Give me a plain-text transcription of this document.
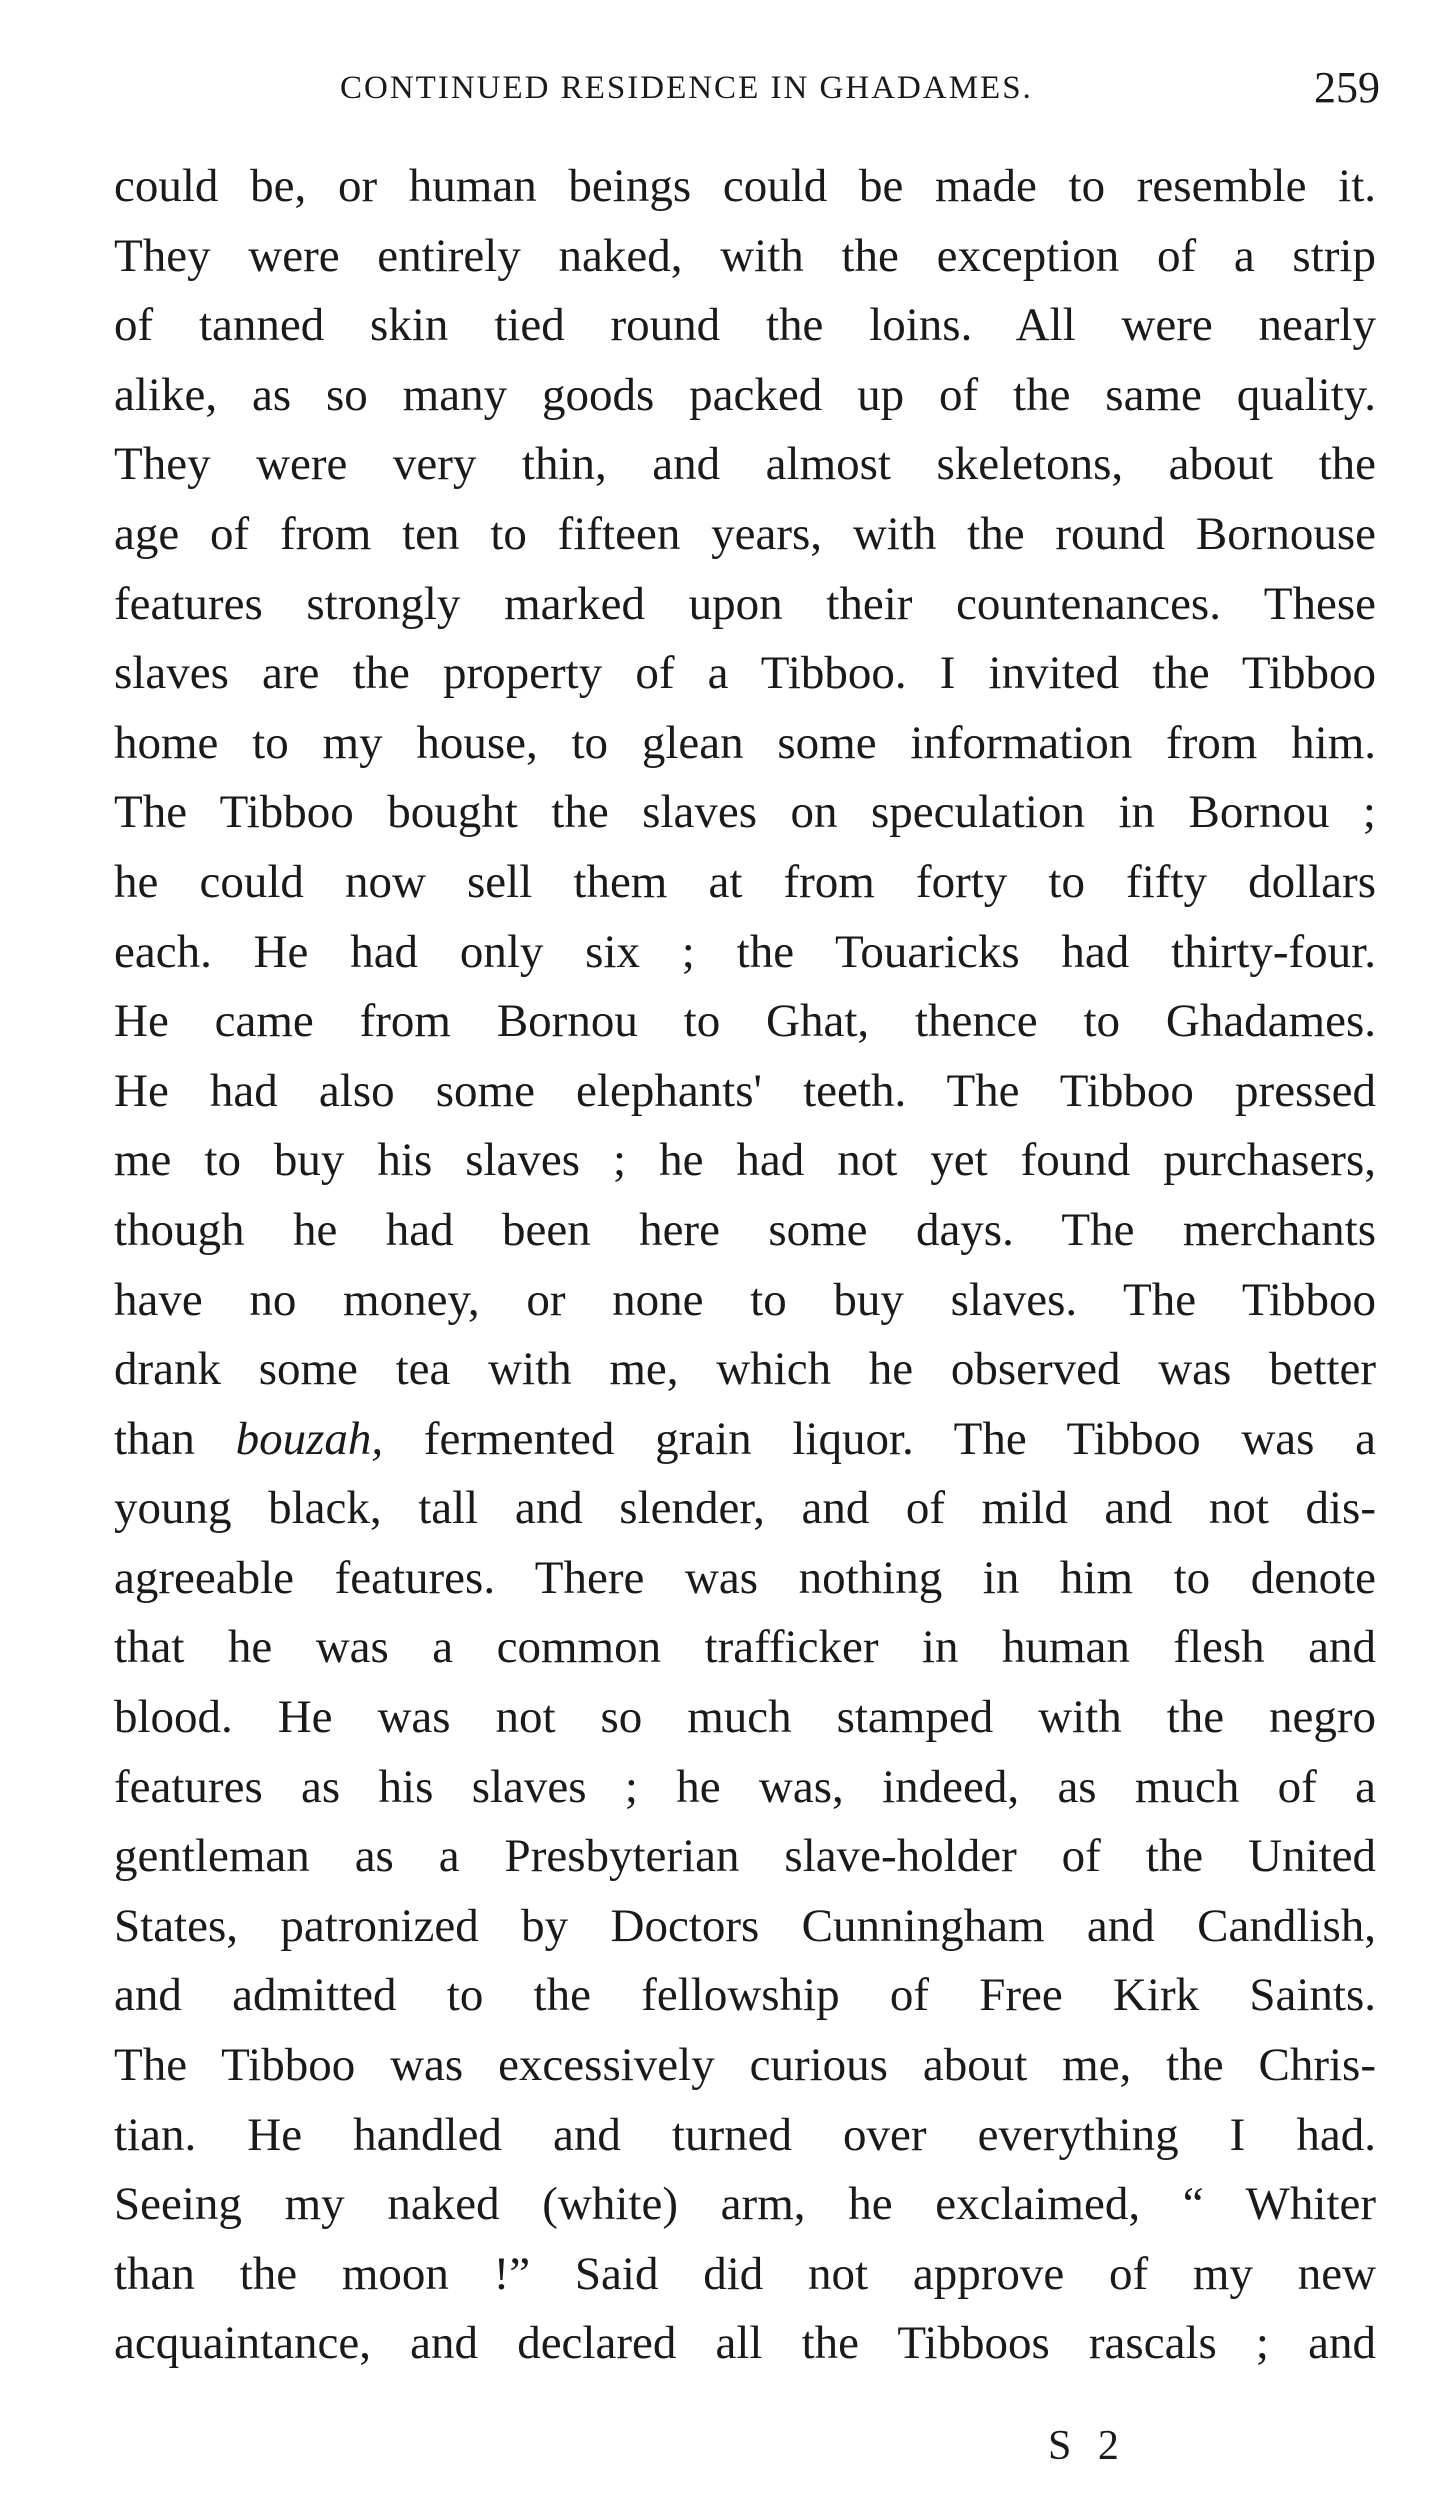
CONTINUED RESIDENCE IN GHADAMES.	259
could be, or human beings could be made to resemble it.
They were entirely naked, with the exception of a strip
of tanned skin tied round the loins. All were nearly
alike, as so many goods packed up of the same quality.
They were very thin, and almost skeletons, about the
age of from ten to fifteen years, with the round Bornouse
features strongly marked upon their countenances. These
slaves are the property of a Tibboo. I invited the Tibboo
home to my house, to glean some information from him.
The Tibboo bought the slaves on speculation in Bornou ;
he could now sell them at from forty to fifty dollars
each. He had only six ; the Touaricks had thirty-four.
He came from Bornou to Ghat, thence to Ghadames.
He had also some elephants' teeth. The Tibboo pressed
me to buy his slaves ; he had not yet found purchasers,
though he had been here some days. The merchants
have no money, or none to buy slaves. The Tibboo
drank some tea with me, which he observed was better
than bouzah, fermented grain liquor. The Tibboo was a
young black, tall and slender, and of mild and not dis-
agreeable features. There was nothing in him to denote
that he was a common trafficker in human flesh and
blood. He was not so much stamped with the negro
features as his slaves ; he was, indeed, as much of a
gentleman as a Presbyterian slave-holder of the United
States, patronized by Doctors Cunningham and Candlish,
and admitted to the fellowship of Free Kirk Saints.
The Tibboo was excessively curious about me, the Chris-
tian. He handled and turned over everything I had.
Seeing my naked (white) arm, he exclaimed, “ Whiter
than the moon !” Said did not approve of my new
acquaintance, and declared all the Tibboos rascals ; and
S 2
